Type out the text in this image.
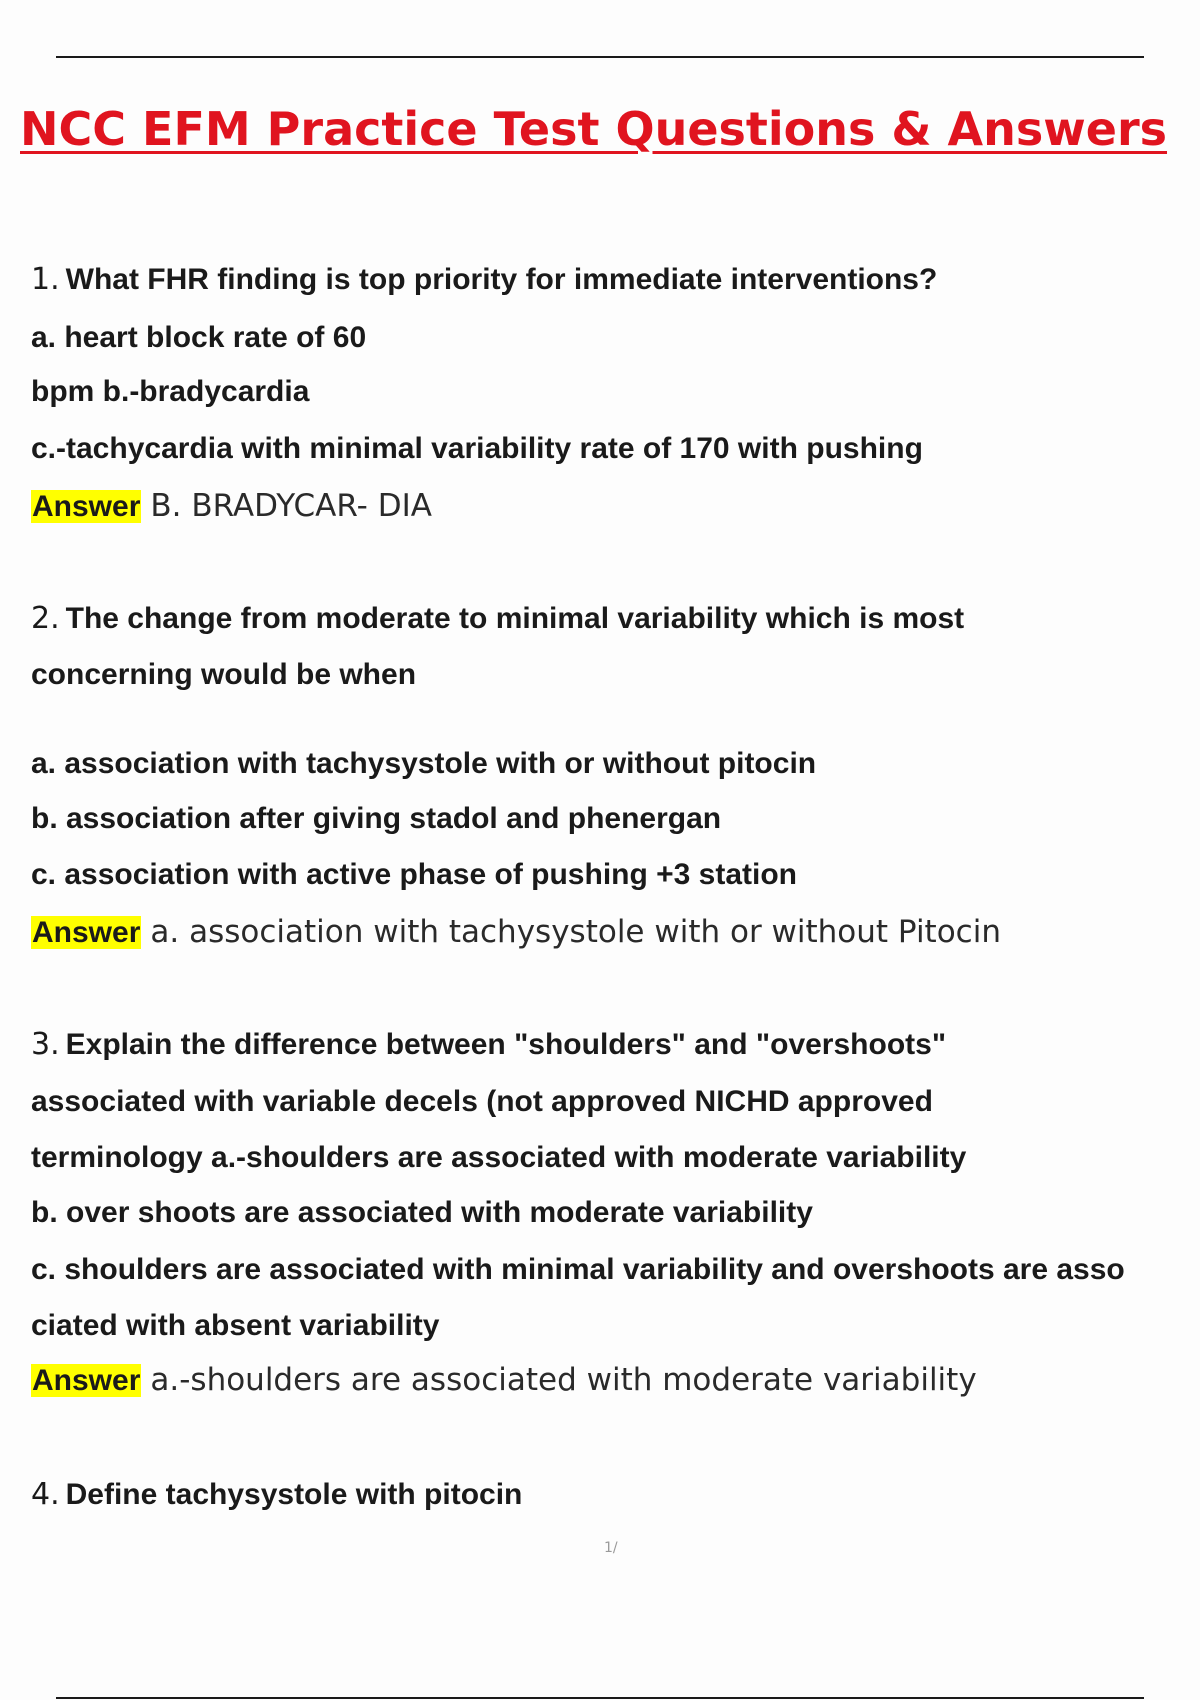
NCC EFM Practice Test Questions & Answers
1. What FHR finding is top priority for immediate interventions?
a. heart block rate of 60
bpm b.-bradycardia
c.-tachycardia with minimal variability rate of 170 with pushing
Answer B. BRADYCAR- DIA
2. The change from moderate to minimal variability which is most
concerning would be when
a. association with tachysystole with or without pitocin
b. association after giving stadol and phenergan
c. association with active phase of pushing +3 station
Answer a. association with tachysystole with or without Pitocin
3. Explain the difference between "shoulders" and "overshoots"
associated with variable decels (not approved NICHD approved
terminology a.-shoulders are associated with moderate variability
b. over shoots are associated with moderate variability
c. shoulders are associated with minimal variability and overshoots are asso
ciated with absent variability
Answer a.-shoulders are associated with moderate variability
4. Define tachysystole with pitocin
1/
